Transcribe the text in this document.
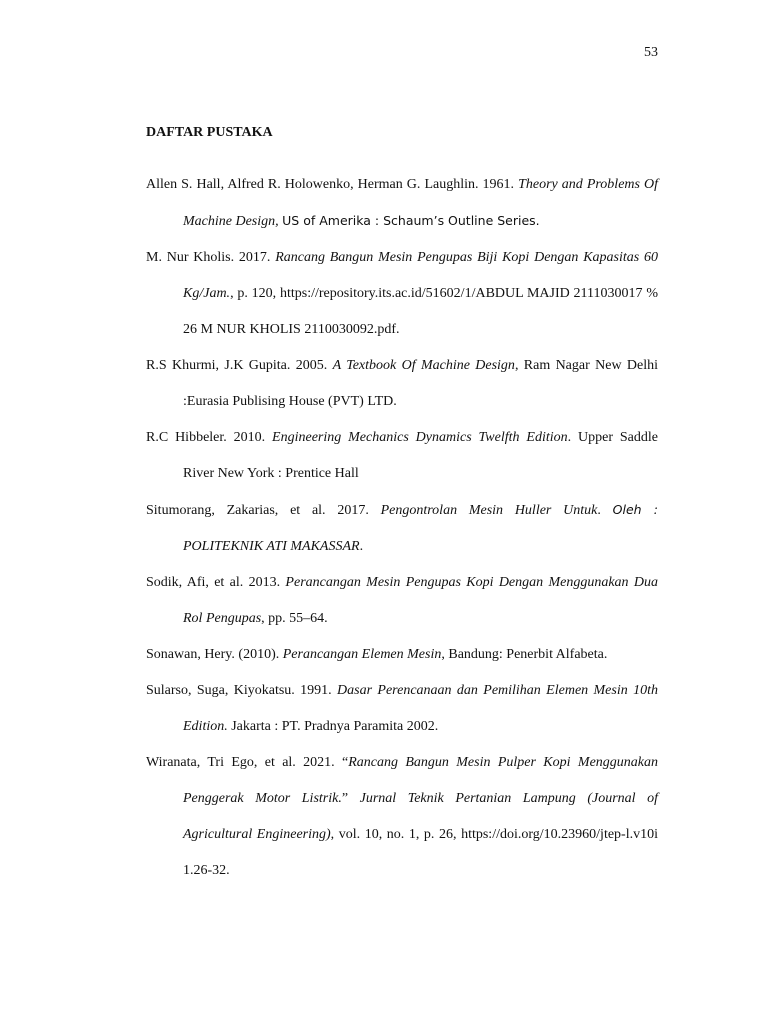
53
DAFTAR PUSTAKA
Allen S. Hall, Alfred R. Holowenko, Herman G. Laughlin. 1961. Theory and Problems Of Machine Design, US of Amerika : Schaum’s Outline Series.
M. Nur Kholis. 2017. Rancang Bangun Mesin Pengupas Biji Kopi Dengan Kapasitas 60 Kg/Jam., p. 120, https://repository.its.ac.id/51602/1/ABDUL MAJID 2111030017 %26 M NUR KHOLIS 2110030092.pdf.
R.S Khurmi, J.K Gupita. 2005. A Textbook Of Machine Design, Ram Nagar New Delhi :Eurasia Publising House (PVT) LTD.
R.C Hibbeler. 2010. Engineering Mechanics Dynamics Twelfth Edition. Upper Saddle River New York : Prentice Hall
Situmorang, Zakarias, et al. 2017. Pengontrolan Mesin Huller Untuk. Oleh : POLITEKNIK ATI MAKASSAR.
Sodik, Afi, et al. 2013. Perancangan Mesin Pengupas Kopi Dengan Menggunakan Dua Rol Pengupas, pp. 55–64.
Sonawan, Hery. (2010). Perancangan Elemen Mesin, Bandung: Penerbit Alfabeta.
Sularso, Suga, Kiyokatsu. 1991. Dasar Perencanaan dan Pemilihan Elemen Mesin 10th Edition. Jakarta : PT. Pradnya Paramita 2002.
Wiranata, Tri Ego, et al. 2021. “Rancang Bangun Mesin Pulper Kopi Menggunakan Penggerak Motor Listrik.” Jurnal Teknik Pertanian Lampung (Journal of Agricultural Engineering), vol. 10, no. 1, p. 26, https://doi.org/10.23960/jtep-l.v10i1.26-32.
